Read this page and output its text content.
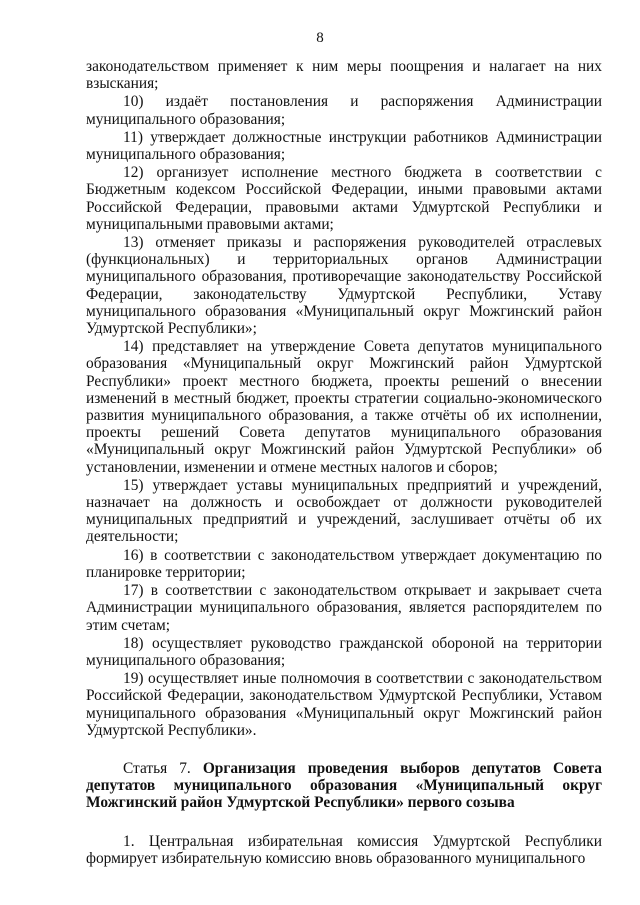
8

законодательством применяет к ним меры поощрения и налагает на них взыскания;

10) издаёт постановления и распоряжения Администрации муниципального образования;

11) утверждает должностные инструкции работников Администрации муниципального образования;

12) организует исполнение местного бюджета в соответствии с Бюджетным кодексом Российской Федерации, иными правовыми актами Российской Федерации, правовыми актами Удмуртской Республики и муниципальными правовыми актами;

13) отменяет приказы и распоряжения руководителей отраслевых (функциональных) и территориальных органов Администрации муниципального образования, противоречащие законодательству Российской Федерации, законодательству Удмуртской Республики, Уставу муниципального образования «Муниципальный округ Можгинский район Удмуртской Республики»;

14) представляет на утверждение Совета депутатов муниципального образования «Муниципальный округ Можгинский район Удмуртской Республики» проект местного бюджета, проекты решений о внесении изменений в местный бюджет, проекты стратегии социально-экономического развития муниципального образования, а также отчёты об их исполнении, проекты решений Совета депутатов муниципального образования «Муниципальный округ Можгинский район Удмуртской Республики» об установлении, изменении и отмене местных налогов и сборов;

15) утверждает уставы муниципальных предприятий и учреждений, назначает на должность и освобождает от должности руководителей муниципальных предприятий и учреждений, заслушивает отчёты об их деятельности;

16) в соответствии с законодательством утверждает документацию по планировке территории;

17) в соответствии с законодательством открывает и закрывает счета Администрации муниципального образования, является распорядителем по этим счетам;

18) осуществляет руководство гражданской обороной на территории муниципального образования;

19) осуществляет иные полномочия в соответствии с законодательством Российской Федерации, законодательством Удмуртской Республики, Уставом муниципального образования «Муниципальный округ Можгинский район Удмуртской Республики».

Статья 7. Организация проведения выборов депутатов Совета депутатов муниципального образования «Муниципальный округ Можгинский район Удмуртской Республики» первого созыва

1. Центральная избирательная комиссия Удмуртской Республики формирует избирательную комиссию вновь образованного муниципального
